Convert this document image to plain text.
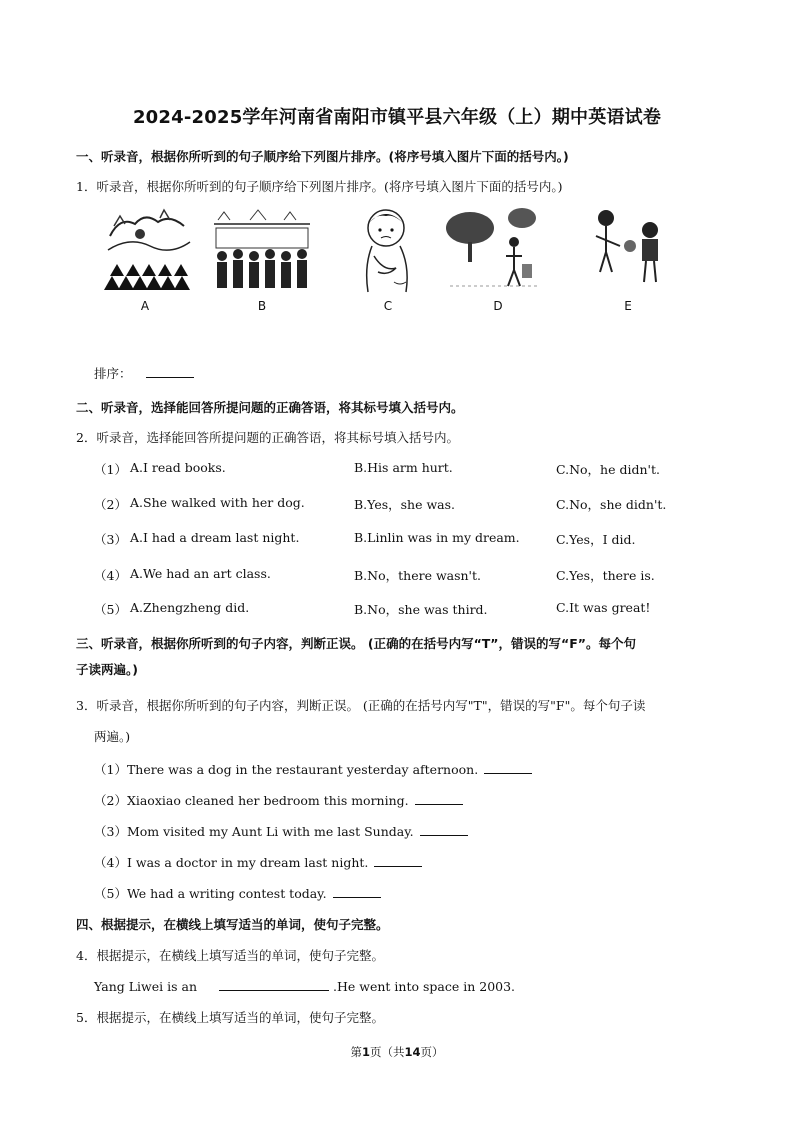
2024-2025学年河南省南阳市镇平县六年级（上）期中英语试卷
一、听录音，根据你所听到的句子顺序给下列图片排序。(将序号填入图片下面的括号内。)
1．听录音，根据你所听到的句子顺序给下列图片排序。(将序号填入图片下面的括号内。)
A	B	C	D	E
排序：
二、听录音，选择能回答所提问题的正确答语，将其标号填入括号内。
2．听录音，选择能回答所提问题的正确答语，将其标号填入括号内。
（1） A.I read books.	B.His arm hurt.	C.No，he didn't.
（2） A.She walked with her dog.	B.Yes，she was.	C.No，she didn't.
（3） A.I had a dream last night.	B.Linlin was in my dream.	C.Yes，I did.
（4） A.We had an art class.	B.No，there wasn't.	C.Yes，there is.
（5） A.Zhengzheng did.	B.No，she was third.	C.It was great!
三、听录音，根据你所听到的句子内容，判断正误。 (正确的在括号内写“T”，错误的写“F”。每个句
子读两遍。)
3．听录音，根据你所听到的句子内容，判断正误。 (正确的在括号内写"T"，错误的写"F"。每个句子读
两遍。)
（1）There was a dog in the restaurant yesterday afternoon.
（2）Xiaoxiao cleaned her bedroom this morning.
（3）Mom visited my Aunt Li with me last Sunday.
（4）I was a doctor in my dream last night.
（5）We had a writing contest today.
四、根据提示，在横线上填写适当的单词，使句子完整。
4．根据提示，在横线上填写适当的单词，使句子完整。
Yang Liwei is an	.He went into space in 2003.
5．根据提示，在横线上填写适当的单词，使句子完整。
第1页（共14页）
